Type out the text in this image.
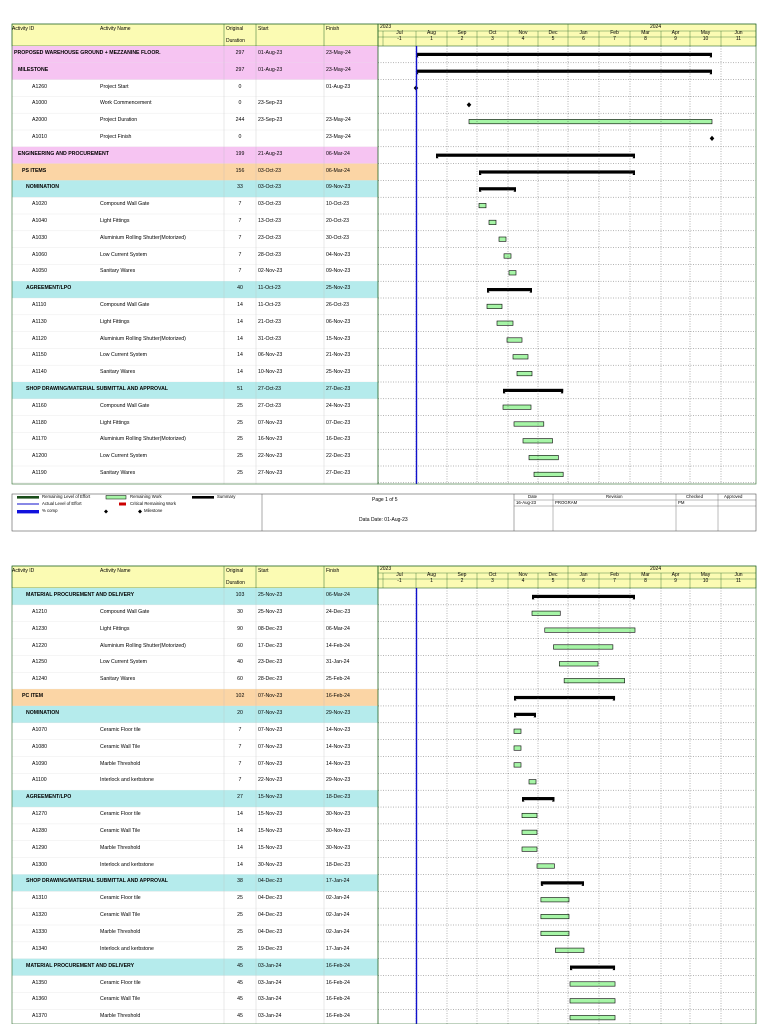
Activity ID	Activity Name	Original
Duration
Start	Finish	2023	2024
Jul
-1
Aug
1
Sep
2
Oct
3
Nov
4
Dec
5
Jan
6
Feb
7
Mar
8
Apr
9
May
10
Jun
11
PROPOSED WAREHOUSE GROUND + MEZZANINE FLOOR.	297	01-Aug-23	23-May-24
MILESTONE	297	01-Aug-23	23-May-24
A1260	Project Start	0	01-Aug-23
A1000	Work Commencement	0	23-Sep-23
A2000	Project Duration	244	23-Sep-23	23-May-24
A1010	Project Finish	0	23-May-24
ENGINEERING AND PROCUREMENT	199	21-Aug-23	06-Mar-24
PS ITEMS	156	03-Oct-23	06-Mar-24
NOMINATION	33	03-Oct-23	09-Nov-23
A1020	Compound Wall Gate	7	03-Oct-23	10-Oct-23
A1040	Light Fittings	7	13-Oct-23	20-Oct-23
A1030	Aluminium Rolling Shutter(Motorized)	7	23-Oct-23	30-Oct-23
A1060	Low Current System	7	28-Oct-23	04-Nov-23
A1050	Sanitary Wares	7	02-Nov-23	09-Nov-23
AGREEMENT/LPO	40	11-Oct-23	25-Nov-23
A1110	Compound Wall Gate	14	11-Oct-23	26-Oct-23
A1130	Light Fittings	14	21-Oct-23	06-Nov-23
A1120	Aluminium Rolling Shutter(Motorized)	14	31-Oct-23	15-Nov-23
A1150	Low Current System	14	06-Nov-23	21-Nov-23
A1140	Sanitary Wares	14	10-Nov-23	25-Nov-23
SHOP DRAWING/MATERIAL SUBMITTAL AND APPROVAL	51	27-Oct-23	27-Dec-23
A1160	Compound Wall Gate	25	27-Oct-23	24-Nov-23
A1180	Light Fittings	25	07-Nov-23	07-Dec-23
A1170	Aluminium Rolling Shutter(Motorized)	25	16-Nov-23	16-Dec-23
A1200	Low Current System	25	22-Nov-23	22-Dec-23
A1190	Sanitary Wares	25	27-Nov-23	27-Dec-23
Remaining Level of Effort	Remaining Work	Summary
Actual Level of Effort	Critical Remaining Work
% comp	Milestone
Page 1 of 5
Data Date: 01-Aug-23
Date	Revision	Checked	Approved
16-Aug-23	PROGRAM	PM
Activity ID	Activity Name	Original
Duration
Start	Finish	2023	2024
Jul
-1
Aug
1
Sep
2
Oct
3
Nov
4
Dec
5
Jan
6
Feb
7
Mar
8
Apr
9
May
10
Jun
11
MATERIAL PROCUREMENT AND DELIVERY	103	25-Nov-23	06-Mar-24
A1210	Compound Wall Gate	30	25-Nov-23	24-Dec-23
A1230	Light Fittings	90	08-Dec-23	06-Mar-24
A1220	Aluminium Rolling Shutter(Motorized)	60	17-Dec-23	14-Feb-24
A1250	Low Current System	40	23-Dec-23	31-Jan-24
A1240	Sanitary Wares	60	28-Dec-23	25-Feb-24
PC ITEM	102	07-Nov-23	16-Feb-24
NOMINATION	20	07-Nov-23	29-Nov-23
A1070	Ceramic Floor tile	7	07-Nov-23	14-Nov-23
A1080	Ceramic Wall Tile	7	07-Nov-23	14-Nov-23
A1090	Marble Threshold	7	07-Nov-23	14-Nov-23
A1100	Interlock and kerbstone	7	22-Nov-23	29-Nov-23
AGREEMENT/LPO	27	15-Nov-23	18-Dec-23
A1270	Ceramic Floor tile	14	15-Nov-23	30-Nov-23
A1280	Ceramic Wall Tile	14	15-Nov-23	30-Nov-23
A1290	Marble Threshold	14	15-Nov-23	30-Nov-23
A1300	Interlock and kerbstone	14	30-Nov-23	18-Dec-23
SHOP DRAWING/MATERIAL SUBMITTAL AND APPROVAL	38	04-Dec-23	17-Jan-24
A1310	Ceramic Floor tile	25	04-Dec-23	02-Jan-24
A1320	Ceramic Wall Tile	25	04-Dec-23	02-Jan-24
A1330	Marble Threshold	25	04-Dec-23	02-Jan-24
A1340	Interlock and kerbstone	25	19-Dec-23	17-Jan-24
MATERIAL PROCUREMENT AND DELIVERY	45	03-Jan-24	16-Feb-24
A1350	Ceramic Floor tile	45	03-Jan-24	16-Feb-24
A1360	Ceramic Wall Tile	45	03-Jan-24	16-Feb-24
A1370	Marble Threshold	45	03-Jan-24	16-Feb-24
